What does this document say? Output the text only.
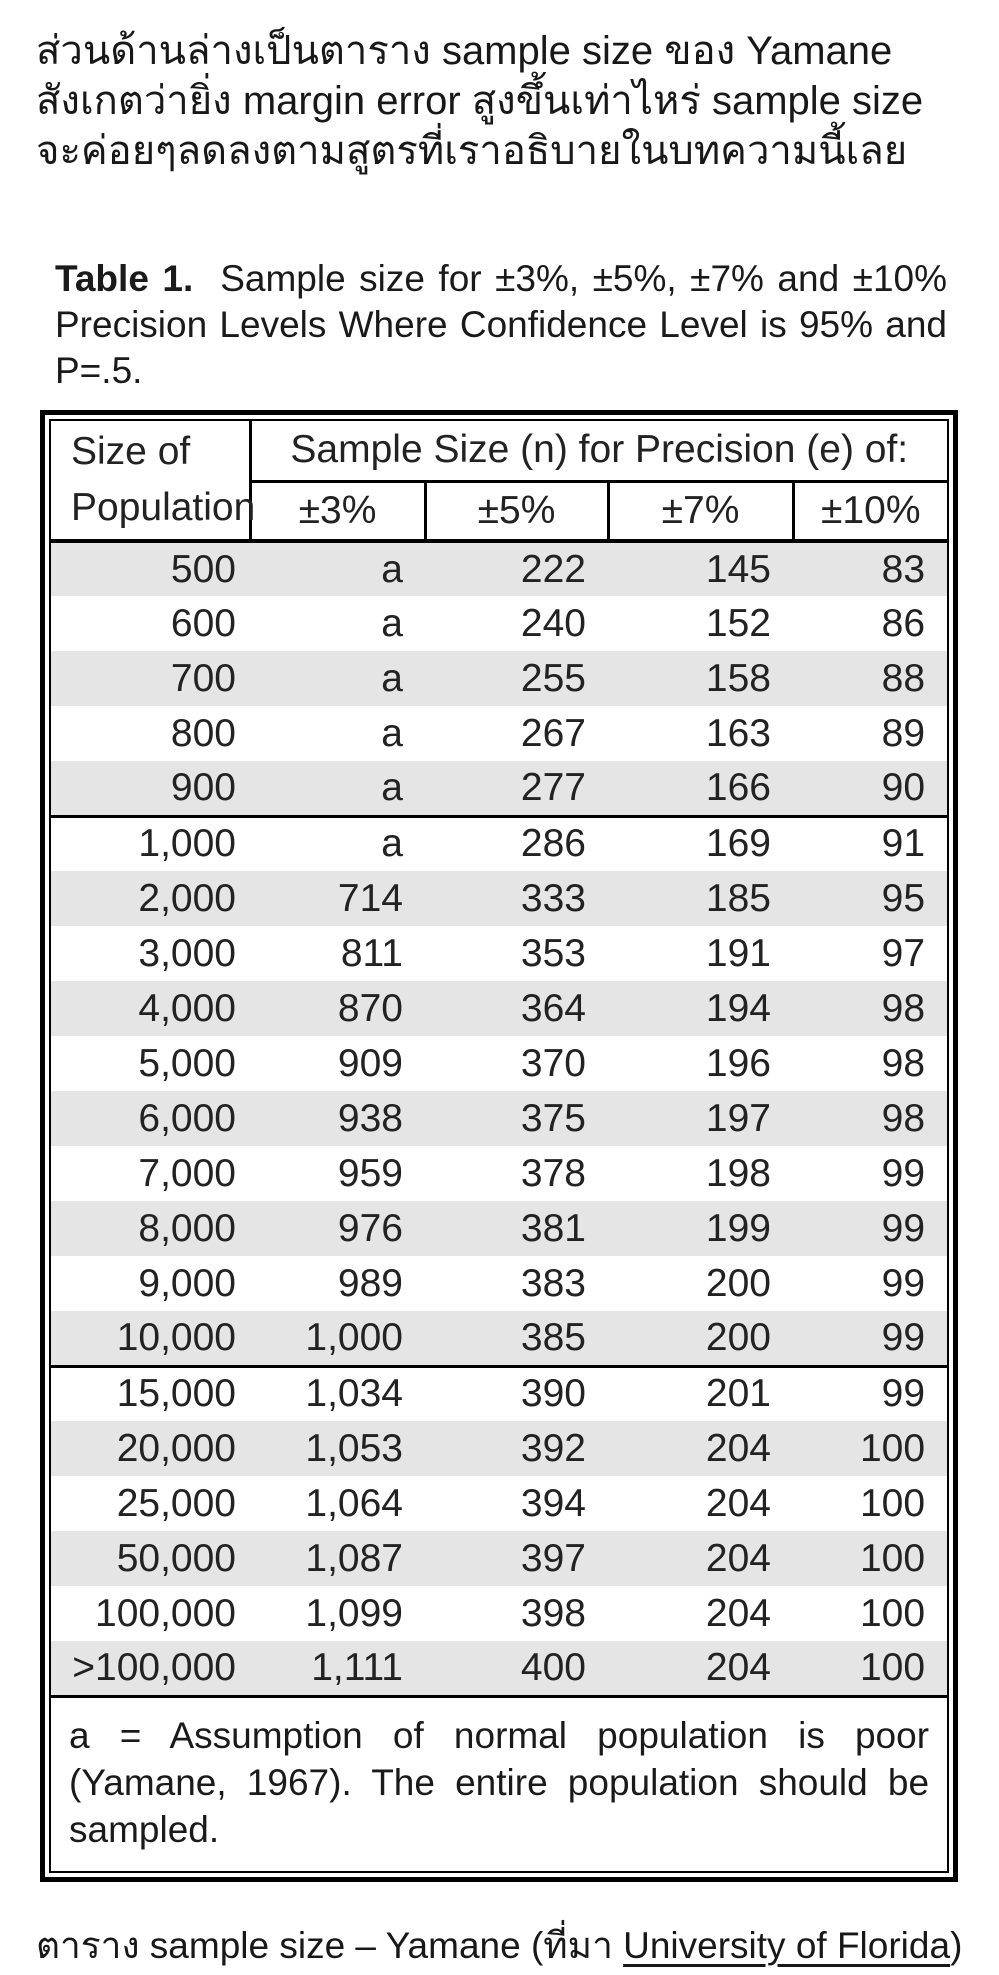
ส่วนด้านล่างเป็นตาราง sample size ของ Yamane
สังเกตว่ายิ่ง margin error สูงขึ้นเท่าไหร่ sample size
จะค่อยๆลดลงตามสูตรที่เราอธิบายในบทความนี้เลย

Table 1. Sample size for ±3%, ±5%, ±7% and ±10% Precision Levels Where Confidence Level is 95% and P=.5.

Size of
Population	Sample Size (n) for Precision (e) of:			
	±3%	±5%	±7%	±10%
500	a	222	145	83
600	a	240	152	86
700	a	255	158	88
800	a	267	163	89
900	a	277	166	90
1,000	a	286	169	91
2,000	714	333	185	95
3,000	811	353	191	97
4,000	870	364	194	98
5,000	909	370	196	98
6,000	938	375	197	98
7,000	959	378	198	99
8,000	976	381	199	99
9,000	989	383	200	99
10,000	1,000	385	200	99
15,000	1,034	390	201	99
20,000	1,053	392	204	100
25,000	1,064	394	204	100
50,000	1,087	397	204	100
100,000	1,099	398	204	100
>100,000	1,111	400	204	100
a = Assumption of normal population is poor (Yamane, 1967). The entire population should be sampled.				

ตาราง sample size – Yamane (ที่มา University of Florida)
